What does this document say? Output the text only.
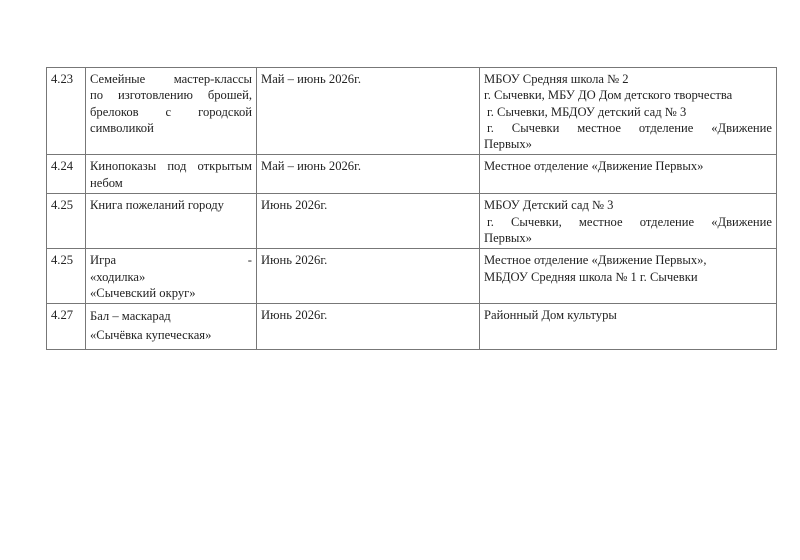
4.23	Семейные мастер-классы
по изготовлению брошей,
брелоков с городской
символикой	Май – июнь 2026г.	МБОУ Средняя школа № 2
г. Сычевки, МБУ ДО Дом детского творчества
г. Сычевки, МБДОУ детский сад № 3
г. Сычевки местное отделение «Движение
Первых»

4.24	Кинопоказы под открытым
небом	Май – июнь 2026г.	Местное отделение «Движение Первых»

4.25	Книга пожеланий городу	Июнь 2026г.	МБОУ Детский сад № 3
г. Сычевки, местное отделение «Движение
Первых»

4.25	Игра - «ходилка»
«Сычевский округ»	Июнь 2026г.	Местное отделение «Движение Первых»,
МБДОУ Средняя школа № 1 г. Сычевки

4.27	Бал – маскарад
«Сычёвка купеческая»	Июнь 2026г.	Районный Дом культуры
